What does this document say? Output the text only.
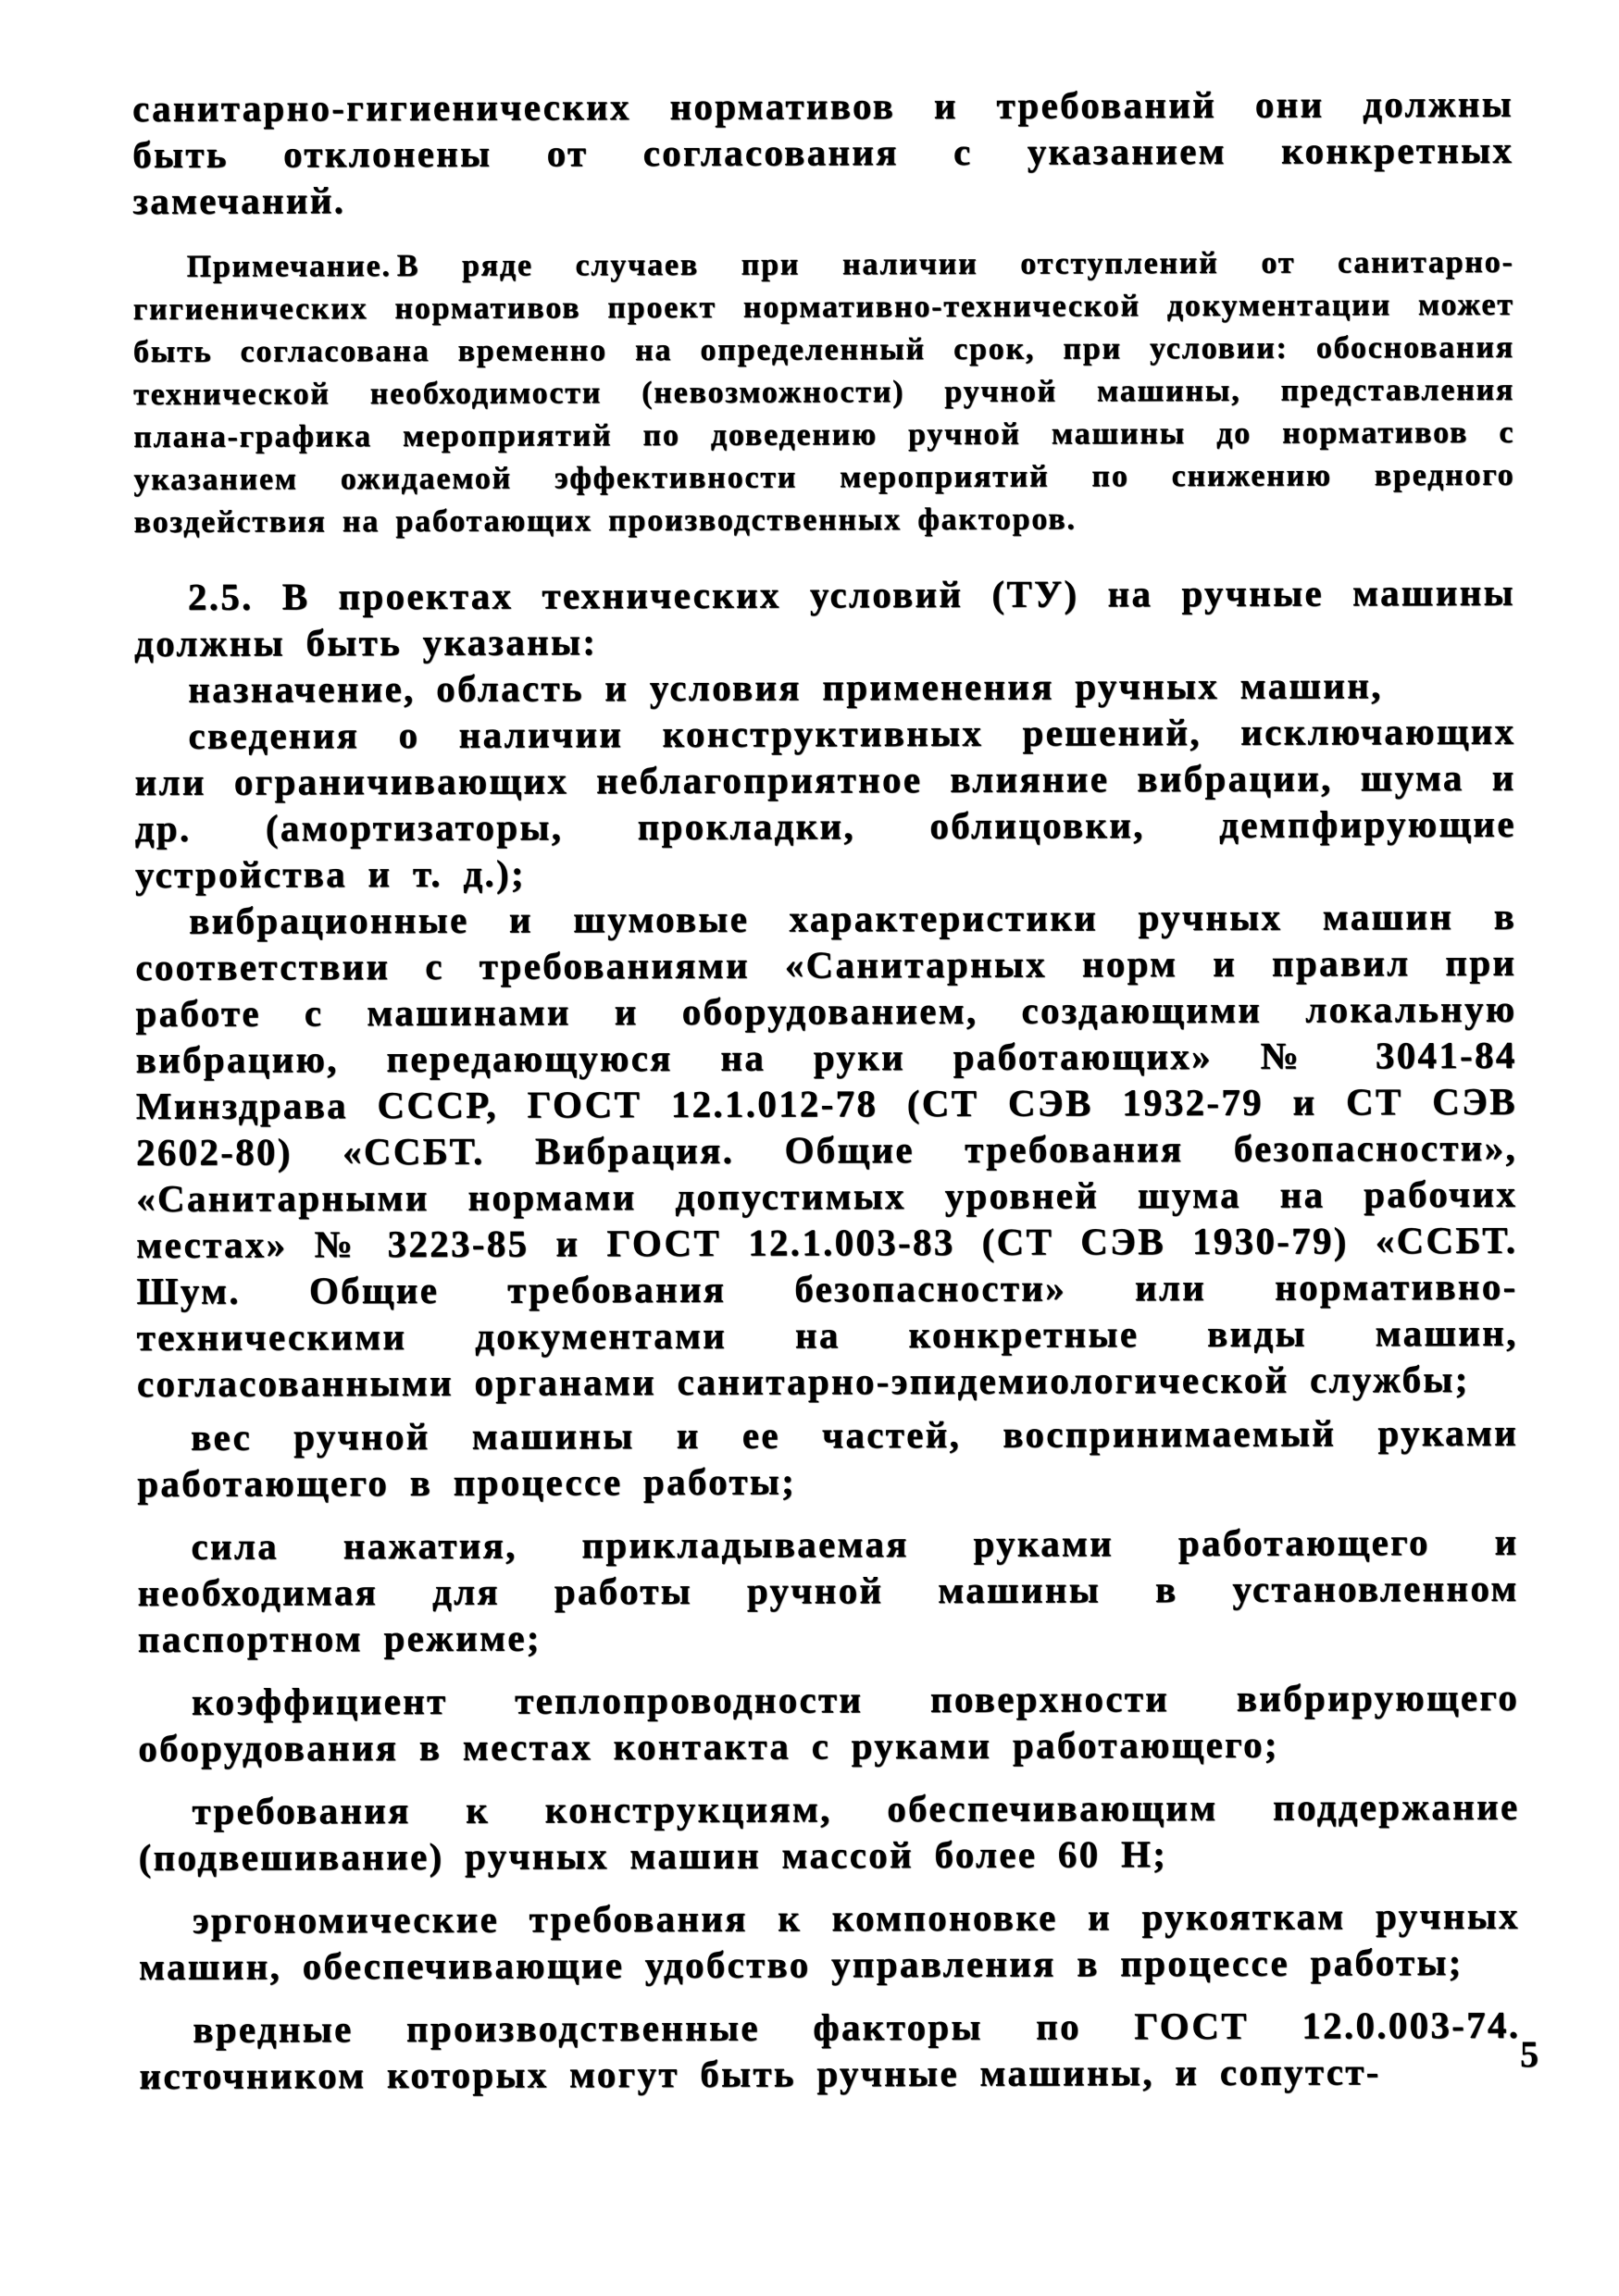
санитарно-гигиенических нормативов и требований они должны быть отклонены от согласования с указанием конкретных замечаний.

Примечание. В ряде случаев при наличии отступлений от санитарно-гигиенических нормативов проект нормативно-технической документации может быть согласована временно на определенный срок, при условии: обоснования технической необходимости (невозможности) ручной машины, представления плана-графика мероприятий по доведению ручной машины до нормативов с указанием ожидаемой эффективности мероприятий по снижению вредного воздействия на работающих производственных факторов.

2.5. В проектах технических условий (ТУ) на ручные машины должны быть указаны:

назначение, область и условия применения ручных машин,

сведения о наличии конструктивных решений, исключающих или ограничивающих неблагоприятное влияние вибрации, шума и др. (амортизаторы, прокладки, облицовки, демпфирующие устройства и т. д.);

вибрационные и шумовые характеристики ручных машин в соответствии с требованиями «Санитарных норм и правил при работе с машинами и оборудованием, создающими локальную вибрацию, передающуюся на руки работающих» № 3041-84 Минздрава СССР, ГОСТ 12.1.012-78 (СТ СЭВ 1932-79 и СТ СЭВ 2602-80) «ССБТ. Вибрация. Общие требования безопасности», «Санитарными нормами допустимых уровней шума на рабочих местах» № 3223-85 и ГОСТ 12.1.003-83 (СТ СЭВ 1930-79) «ССБТ. Шум. Общие требования безопасности» или нормативно-техническими документами на конкретные виды машин, согласованными органами санитарно-эпидемиологической службы;

вес ручной машины и ее частей, воспринимаемый руками работающего в процессе работы;

сила нажатия, прикладываемая руками работающего и необходимая для работы ручной машины в установленном паспортном режиме;

коэффициент теплопроводности поверхности вибрирующего оборудования в местах контакта с руками работающего;

требования к конструкциям, обеспечивающим поддержание (подвешивание) ручных машин массой более 60 Н;

эргономические требования к компоновке и рукояткам ручных машин, обеспечивающие удобство управления в процессе работы;

вредные производственные факторы по ГОСТ 12.0.003-74. источником которых могут быть ручные машины, и сопутст-	5
